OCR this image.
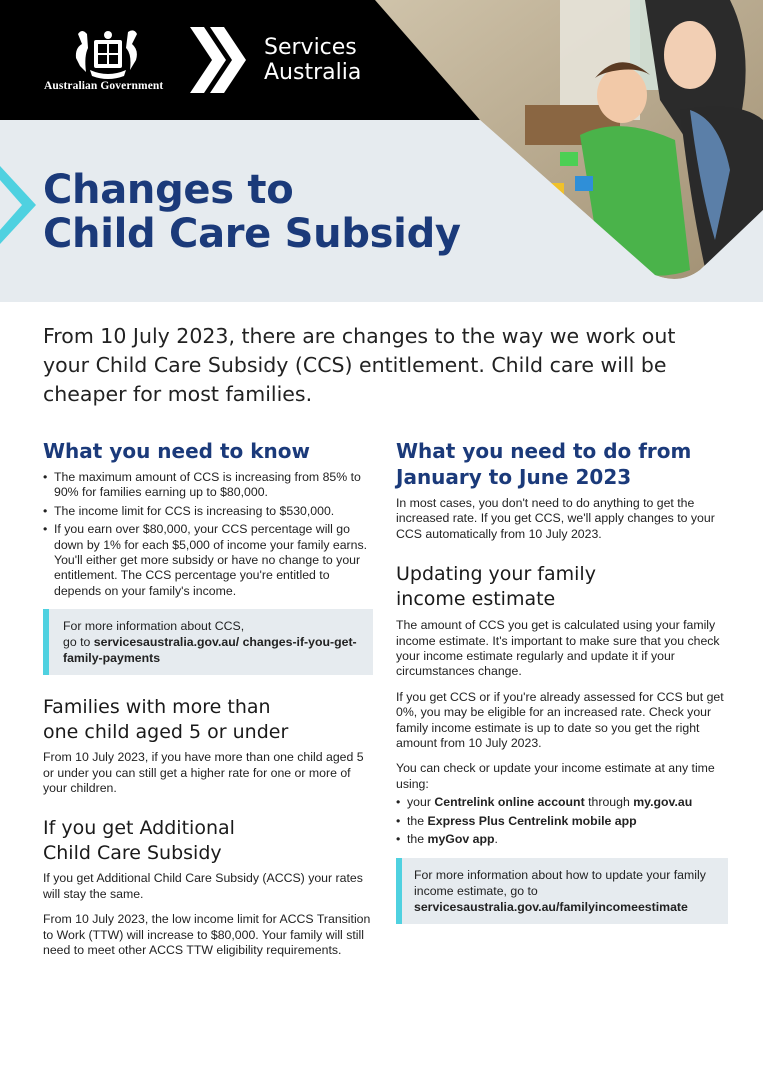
Australian Government
Services
Australia
Changes to
Child Care Subsidy

From 10 July 2023, there are changes to the way we work out your Child Care Subsidy (CCS) entitlement. Child care will be cheaper for most families.

What you need to know
• The maximum amount of CCS is increasing from 85% to 90% for families earning up to $80,000.
• The income limit for CCS is increasing to $530,000.
• If you earn over $80,000, your CCS percentage will go down by 1% for each $5,000 of income your family earns. You'll either get more subsidy or have no change to your entitlement. The CCS percentage you're entitled to depends on your family's income.
For more information about CCS,
go to servicesaustralia.gov.au/ changes-if-you-get-family-payments
Families with more than
one child aged 5 or under

From 10 July 2023, if you have more than one child aged 5 or under you can still get a higher rate for one or more of your children.

If you get Additional
Child Care Subsidy

If you get Additional Child Care Subsidy (ACCS) your rates will stay the same.

From 10 July 2023, the low income limit for ACCS Transition to Work (TTW) will increase to $80,000. Your family will still need to meet other ACCS TTW eligibility requirements.

What you need to do from
January to June 2023

In most cases, you don't need to do anything to get the increased rate. If you get CCS, we'll apply changes to your CCS automatically from 10 July 2023.

Updating your family
income estimate

The amount of CCS you get is calculated using your family income estimate. It's important to make sure that you check your income estimate regularly and update it if your circumstances change.

If you get CCS or if you're already assessed for CCS but get 0%, you may be eligible for an increased rate. Check your family income estimate is up to date so you get the right amount from 10 July 2023.

You can check or update your income estimate at any time using:

• your Centrelink online account through my.gov.au
• the Express Plus Centrelink mobile app
• the myGov app.
For more information about how to update your family income estimate, go to
servicesaustralia.gov.au/familyincomeestimate
